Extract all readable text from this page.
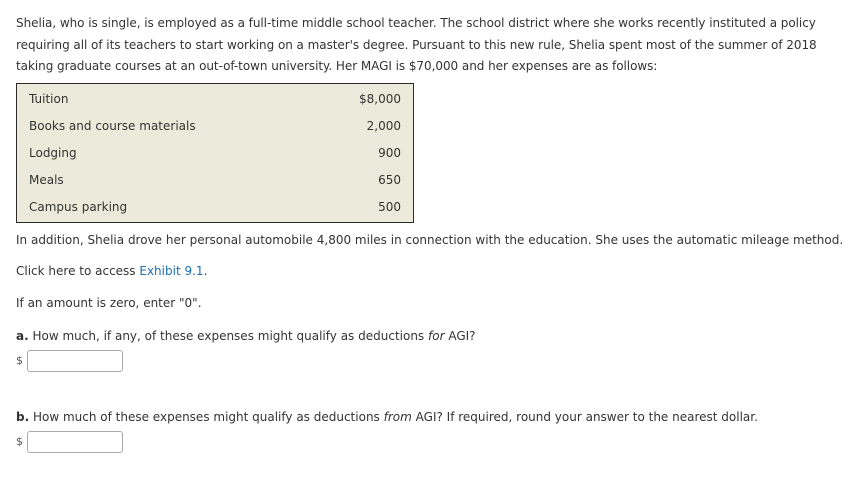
Shelia, who is single, is employed as a full-time middle school teacher. The school district where she works recently instituted a policy requiring all of its teachers to start working on a master's degree. Pursuant to this new rule, Shelia spent most of the summer of 2018 taking graduate courses at an out-of-town university. Her MAGI is $70,000 and her expenses are as follows:
Tuition	$8,000
Books and course materials	2,000
Lodging	900
Meals	650
Campus parking	500
In addition, Shelia drove her personal automobile 4,800 miles in connection with the education. She uses the automatic mileage method.
Click here to access Exhibit 9.1.
If an amount is zero, enter "0".
a. How much, if any, of these expenses might qualify as deductions for AGI?
$
b. How much of these expenses might qualify as deductions from AGI? If required, round your answer to the nearest dollar.
$
